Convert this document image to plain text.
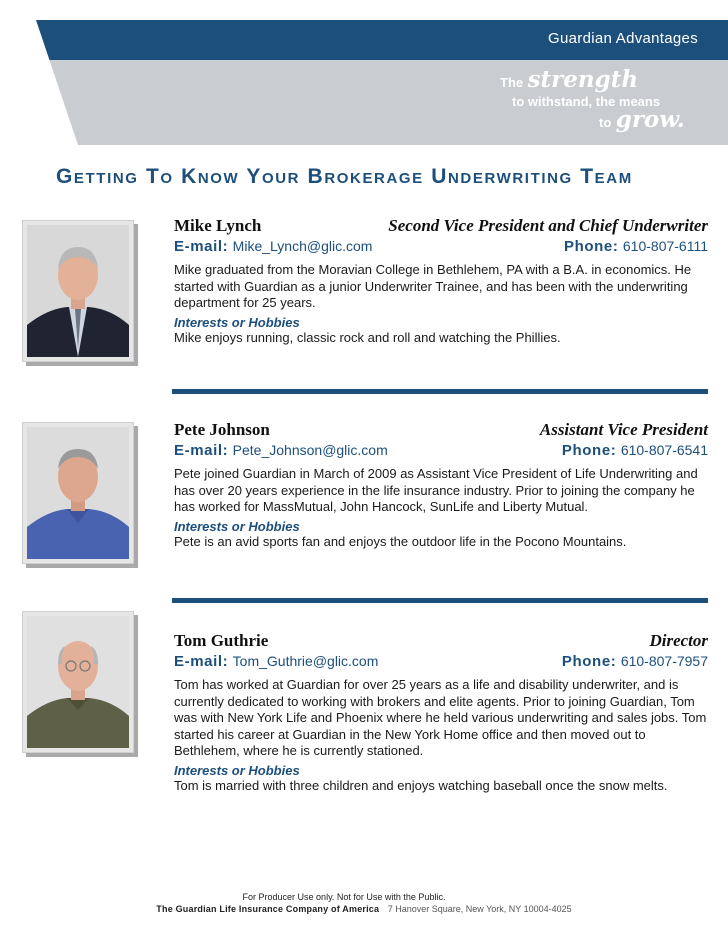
Guardian Advantages
The strength
to withstand, the means
to grow.
Getting To Know Your Brokerage Underwriting Team
Mike Lynch	Second Vice President and Chief Underwriter
E-mail: Mike_Lynch@glic.com	Phone: 610-807-6111
Mike graduated from the Moravian College in Bethlehem, PA with a B.A. in economics. He started with Guardian as a junior Underwriter Trainee, and has been with the underwriting department for 25 years.
Interests or Hobbies
Mike enjoys running, classic rock and roll and watching the Phillies.
Pete Johnson	Assistant Vice President
E-mail: Pete_Johnson@glic.com	Phone: 610-807-6541
Pete joined Guardian in March of 2009 as Assistant Vice President of Life Underwriting and has over 20 years experience in the life insurance industry. Prior to joining the company he has worked for MassMutual, John Hancock, SunLife and Liberty Mutual.
Interests or Hobbies
Pete is an avid sports fan and enjoys the outdoor life in the Pocono Mountains.
Tom Guthrie	Director
E-mail: Tom_Guthrie@glic.com	Phone: 610-807-7957
Tom has worked at Guardian for over 25 years as a life and disability underwriter, and is currently dedicated to working with brokers and elite agents. Prior to joining Guardian, Tom was with New York Life and Phoenix where he held various underwriting and sales jobs. Tom started his career at Guardian in the New York Home office and then moved out to Bethlehem, where he is currently stationed.
Interests or Hobbies
Tom is married with three children and enjoys watching baseball once the snow melts.
For Producer Use only. Not for Use with the Public.
The Guardian Life Insurance Company of America 7 Hanover Square, New York, NY 10004-4025
